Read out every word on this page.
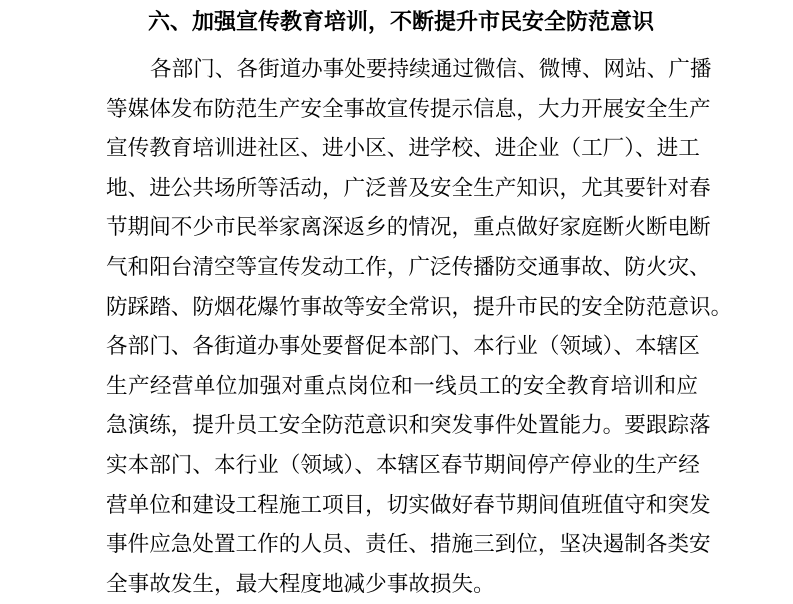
六、加强宣传教育培训，不断提升市民安全防范意识
各部门、各街道办事处要持续通过微信、微博、网站、广播
等媒体发布防范生产安全事故宣传提示信息，大力开展安全生产
宣传教育培训进社区、进小区、进学校、进企业（工厂）、进工
地、进公共场所等活动，广泛普及安全生产知识，尤其要针对春
节期间不少市民举家离深返乡的情况，重点做好家庭断火断电断
气和阳台清空等宣传发动工作，广泛传播防交通事故、防火灾、
防踩踏、防烟花爆竹事故等安全常识，提升市民的安全防范意识。
各部门、各街道办事处要督促本部门、本行业（领域）、本辖区
生产经营单位加强对重点岗位和一线员工的安全教育培训和应
急演练，提升员工安全防范意识和突发事件处置能力。要跟踪落
实本部门、本行业（领域）、本辖区春节期间停产停业的生产经
营单位和建设工程施工项目，切实做好春节期间值班值守和突发
事件应急处置工作的人员、责任、措施三到位，坚决遏制各类安
全事故发生，最大程度地减少事故损失。
